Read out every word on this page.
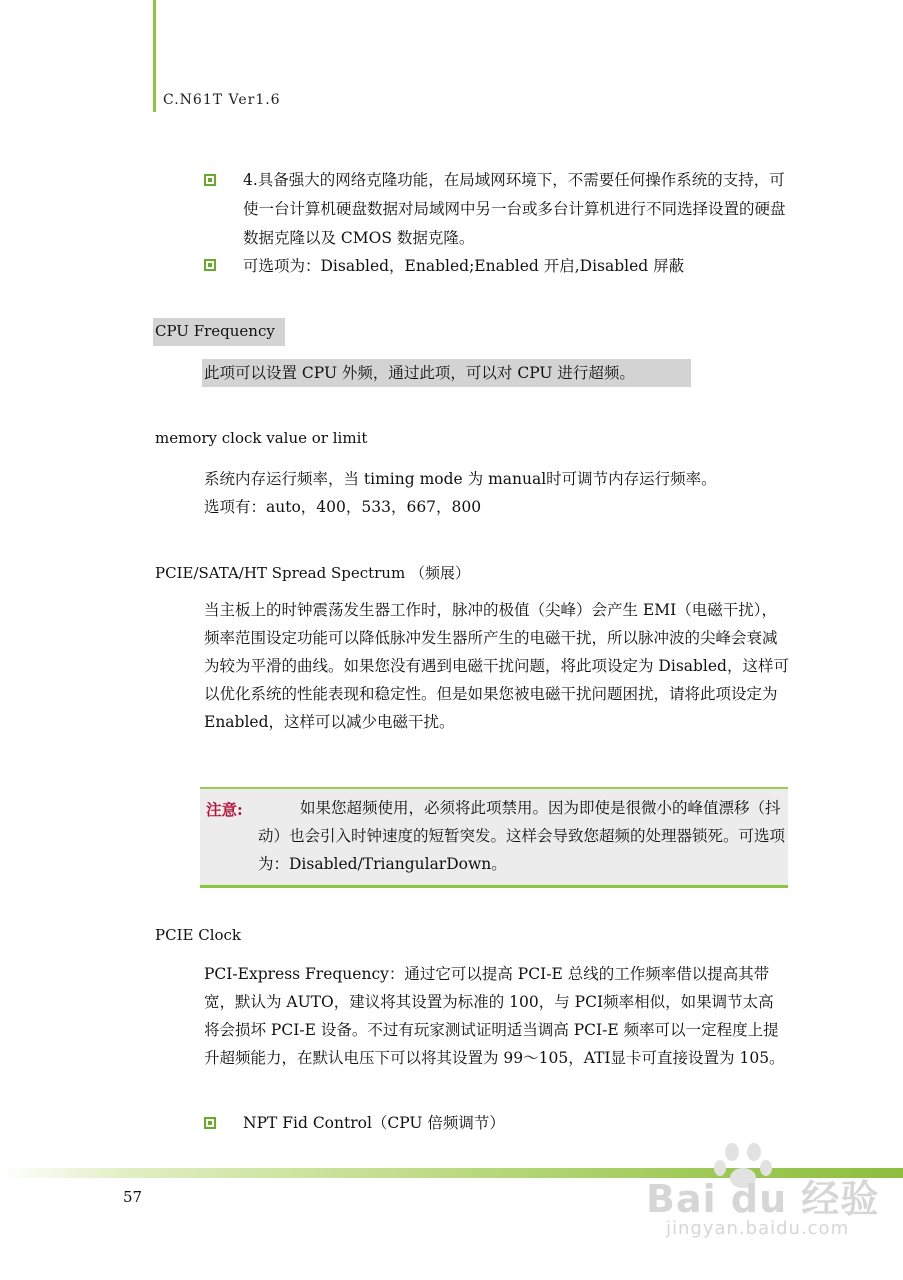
C.N61T Ver1.6
4.具备强大的网络克隆功能，在局域网环境下，不需要任何操作系统的支持，可使一台计算机硬盘数据对局域网中另一台或多台计算机进行不同选择设置的硬盘数据克隆以及 CMOS 数据克隆。
可选项为：Disabled，Enabled;Enabled 开启,Disabled 屏蔽
CPU Frequency
此项可以设置 CPU 外频，通过此项，可以对 CPU 进行超频。
memory clock value or limit
系统内存运行频率，当 timing mode 为 manual时可调节内存运行频率。
选项有：auto，400，533，667，800
PCIE/SATA/HT Spread Spectrum （频展）
当主板上的时钟震荡发生器工作时，脉冲的极值（尖峰）会产生 EMI（电磁干扰），频率范围设定功能可以降低脉冲发生器所产生的电磁干扰，所以脉冲波的尖峰会衰减为较为平滑的曲线。如果您没有遇到电磁干扰问题，将此项设定为 Disabled，这样可以优化系统的性能表现和稳定性。但是如果您被电磁干扰问题困扰，请将此项设定为 Enabled，这样可以减少电磁干扰。
注意:	如果您超频使用，必须将此项禁用。因为即使是很微小的峰值漂移（抖动）也会引入时钟速度的短暂突发。这样会导致您超频的处理器锁死。可选项为：Disabled/TriangularDown。
PCIE Clock
PCI-Express Frequency：通过它可以提高 PCI-E 总线的工作频率借以提高其带宽，默认为 AUTO，建议将其设置为标准的 100，与 PCI频率相似，如果调节太高将会损坏 PCI-E 设备。不过有玩家测试证明适当调高 PCI-E 频率可以一定程度上提升超频能力，在默认电压下可以将其设置为 99～105，ATI显卡可直接设置为 105。
NPT Fid Control（CPU 倍频调节）
57	Bai du 经验
jingyan.baidu.com
